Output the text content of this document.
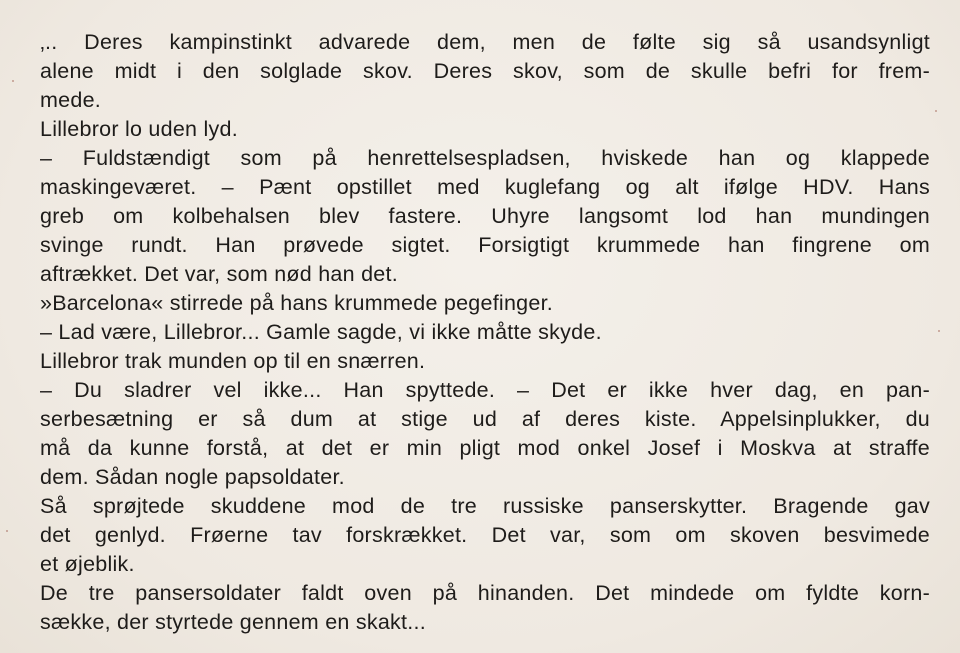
‚.. Deres kampinstinkt advarede dem, men de følte sig så usandsynligt
alene midt i den solglade skov. Deres skov, som de skulle befri for frem-
mede.
Lillebror lo uden lyd.
– Fuldstændigt som på henrettelsespladsen, hviskede han og klappede
maskingeværet. – Pænt opstillet med kuglefang og alt ifølge HDV. Hans
greb om kolbehalsen blev fastere. Uhyre langsomt lod han mundingen
svinge rundt. Han prøvede sigtet. Forsigtigt krummede han fingrene om
aftrækket. Det var, som nød han det.
»Barcelona« stirrede på hans krummede pegefinger.
– Lad være, Lillebror... Gamle sagde, vi ikke måtte skyde.
Lillebror trak munden op til en snærren.
– Du sladrer vel ikke... Han spyttede. – Det er ikke hver dag, en pan-
serbesætning er så dum at stige ud af deres kiste. Appelsinplukker, du
må da kunne forstå, at det er min pligt mod onkel Josef i Moskva at straffe
dem. Sådan nogle papsoldater.
Så sprøjtede skuddene mod de tre russiske panserskytter. Bragende gav
det genlyd. Frøerne tav forskrækket. Det var, som om skoven besvimede
et øjeblik.
De tre pansersoldater faldt oven på hinanden. Det mindede om fyldte korn-
sække, der styrtede gennem en skakt...
